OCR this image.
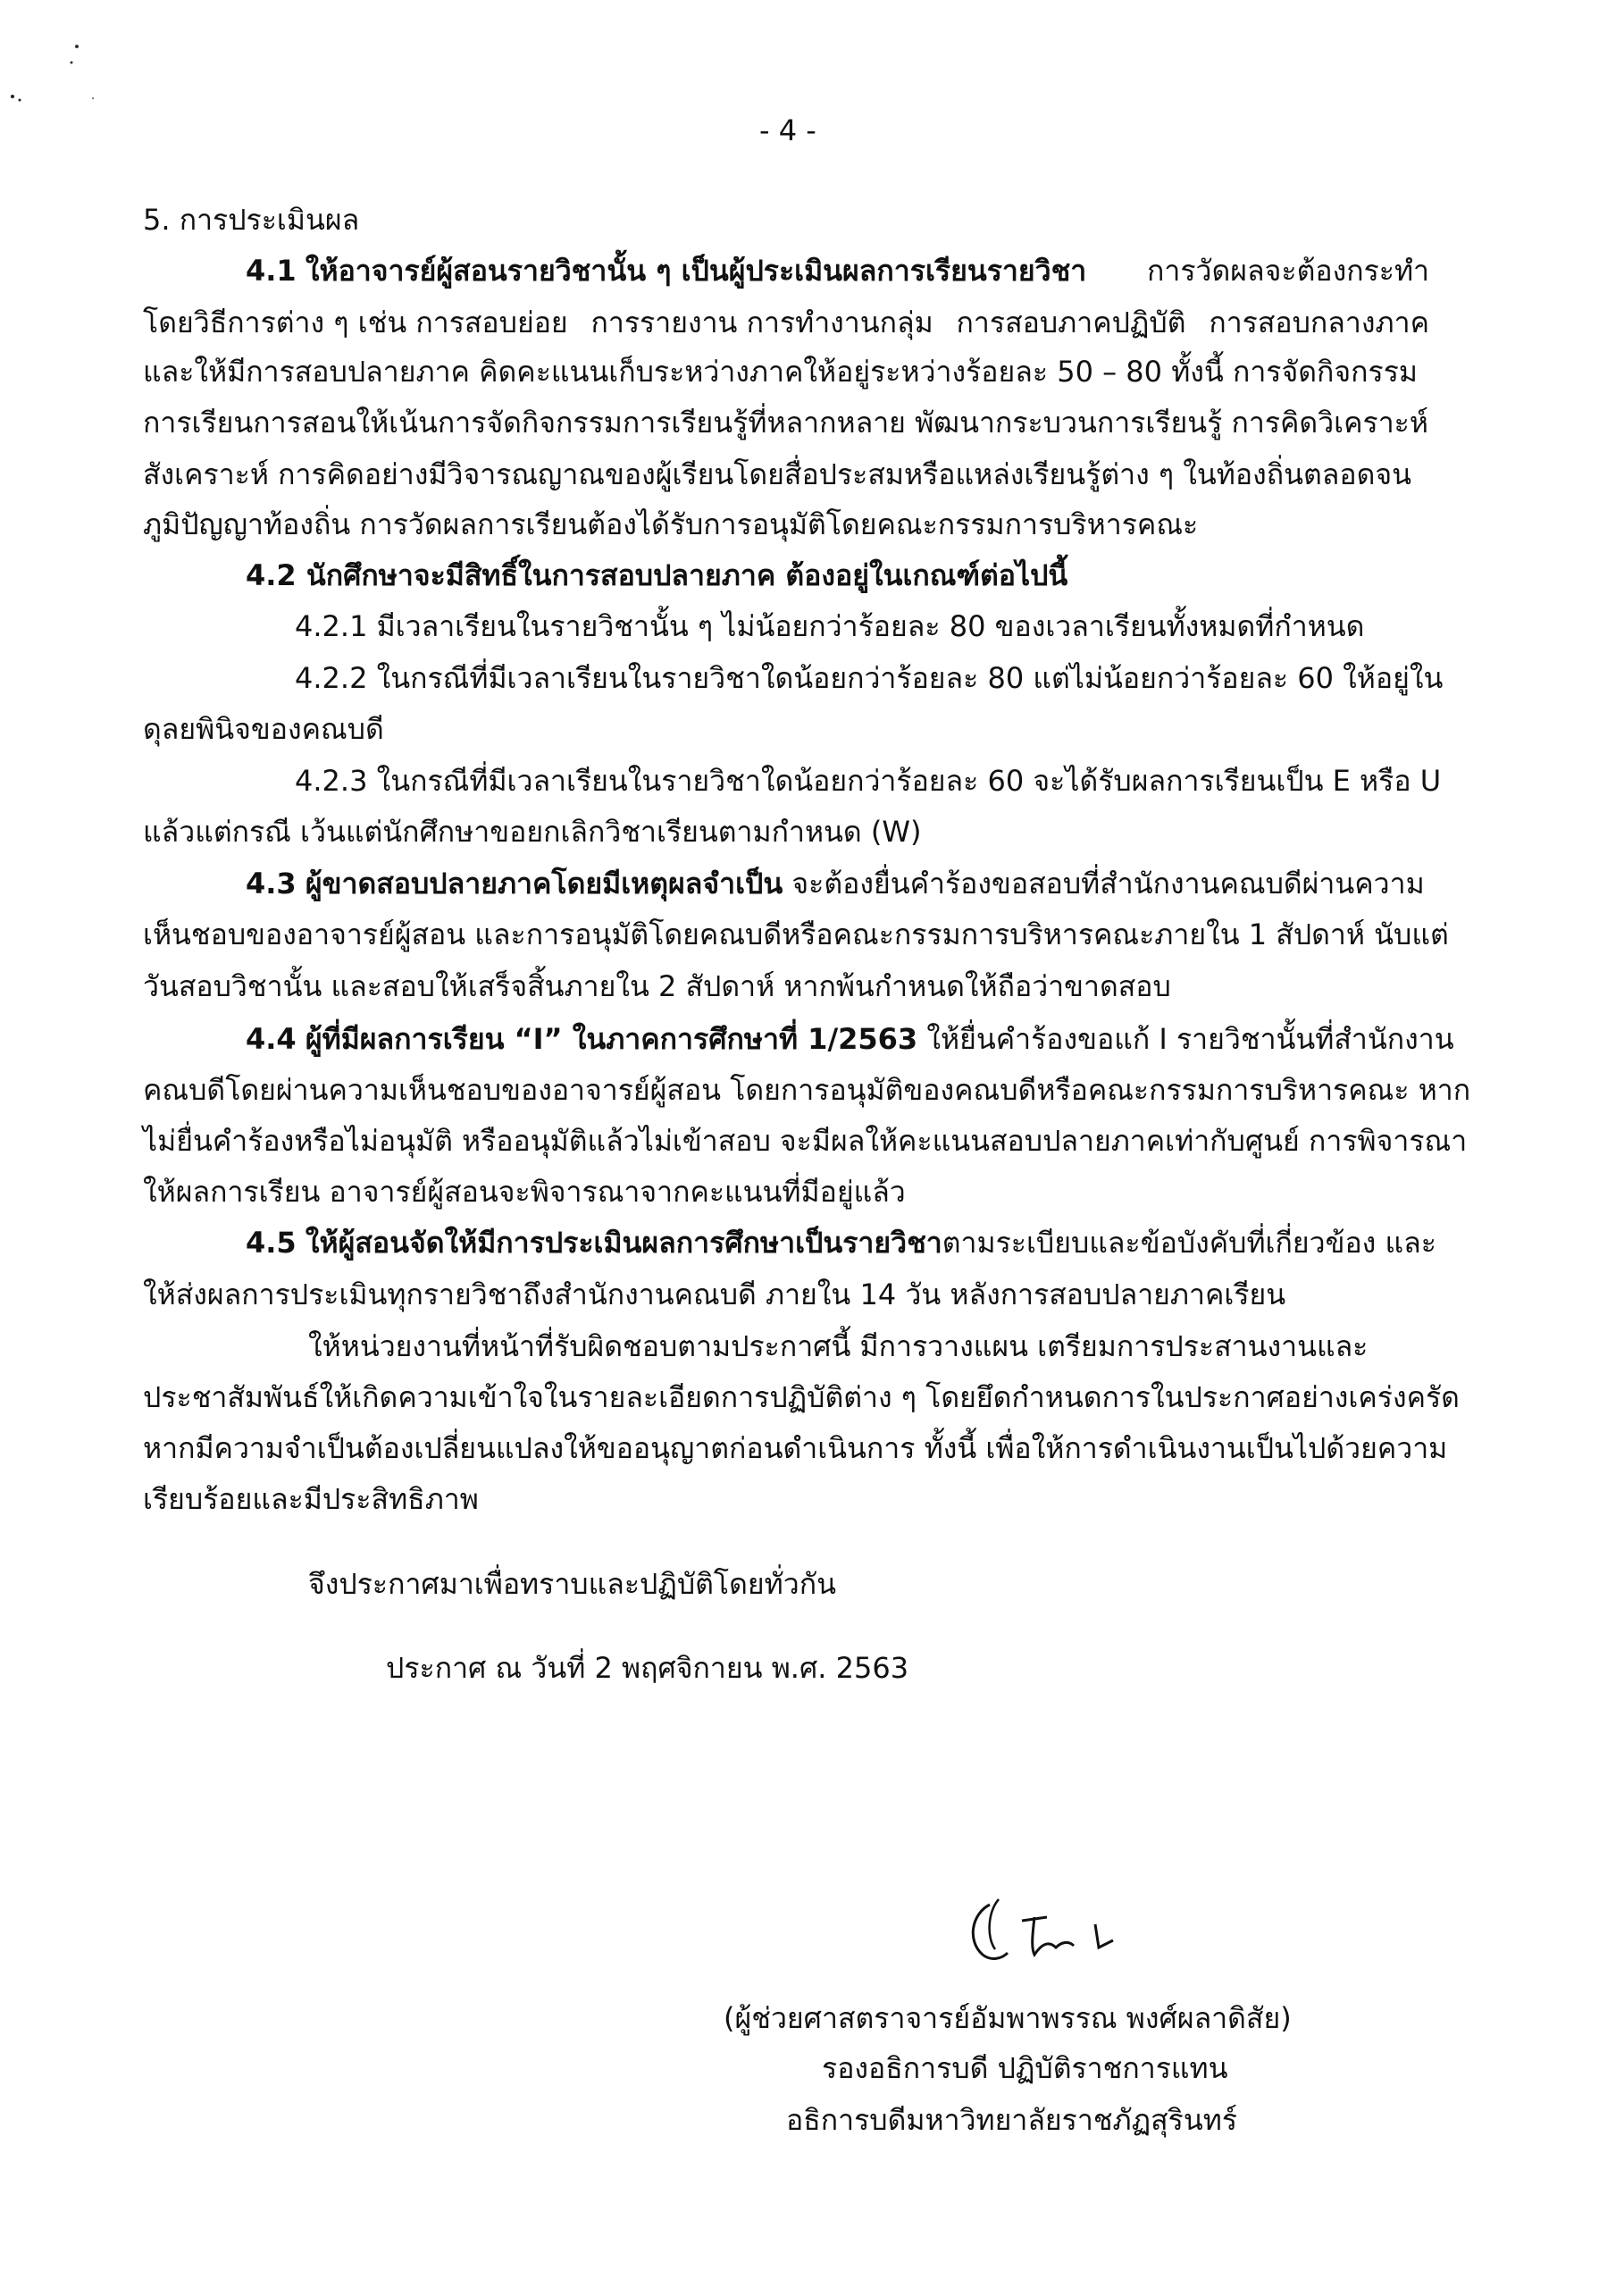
- 4 -
5. การประเมินผล
4.1 ให้อาจารย์ผู้สอนรายวิชานั้น ๆ เป็นผู้ประเมินผลการเรียนรายวิชา การวัดผลจะต้องกระทำ
โดยวิธีการต่าง ๆ เช่น การสอบย่อย การรายงาน การทำงานกลุ่ม การสอบภาคปฏิบัติ การสอบกลางภาค
และให้มีการสอบปลายภาค คิดคะแนนเก็บระหว่างภาคให้อยู่ระหว่างร้อยละ 50 – 80 ทั้งนี้ การจัดกิจกรรม
การเรียนการสอนให้เน้นการจัดกิจกรรมการเรียนรู้ที่หลากหลาย พัฒนากระบวนการเรียนรู้ การคิดวิเคราะห์
สังเคราะห์ การคิดอย่างมีวิจารณญาณของผู้เรียนโดยสื่อประสมหรือแหล่งเรียนรู้ต่าง ๆ ในท้องถิ่นตลอดจน
ภูมิปัญญาท้องถิ่น การวัดผลการเรียนต้องได้รับการอนุมัติโดยคณะกรรมการบริหารคณะ
4.2 นักศึกษาจะมีสิทธิ์ในการสอบปลายภาค ต้องอยู่ในเกณฑ์ต่อไปนี้
4.2.1 มีเวลาเรียนในรายวิชานั้น ๆ ไม่น้อยกว่าร้อยละ 80 ของเวลาเรียนทั้งหมดที่กำหนด
4.2.2 ในกรณีที่มีเวลาเรียนในรายวิชาใดน้อยกว่าร้อยละ 80 แต่ไม่น้อยกว่าร้อยละ 60 ให้อยู่ใน
ดุลยพินิจของคณบดี
4.2.3 ในกรณีที่มีเวลาเรียนในรายวิชาใดน้อยกว่าร้อยละ 60 จะได้รับผลการเรียนเป็น E หรือ U
แล้วแต่กรณี เว้นแต่นักศึกษาขอยกเลิกวิชาเรียนตามกำหนด (W)
4.3 ผู้ขาดสอบปลายภาคโดยมีเหตุผลจำเป็น จะต้องยื่นคำร้องขอสอบที่สำนักงานคณบดีผ่านความ
เห็นชอบของอาจารย์ผู้สอน และการอนุมัติโดยคณบดีหรือคณะกรรมการบริหารคณะภายใน 1 สัปดาห์ นับแต่
วันสอบวิชานั้น และสอบให้เสร็จสิ้นภายใน 2 สัปดาห์ หากพ้นกำหนดให้ถือว่าขาดสอบ
4.4 ผู้ที่มีผลการเรียน “I” ในภาคการศึกษาที่ 1/2563 ให้ยื่นคำร้องขอแก้ I รายวิชานั้นที่สำนักงาน
คณบดีโดยผ่านความเห็นชอบของอาจารย์ผู้สอน โดยการอนุมัติของคณบดีหรือคณะกรรมการบริหารคณะ หาก
ไม่ยื่นคำร้องหรือไม่อนุมัติ หรืออนุมัติแล้วไม่เข้าสอบ จะมีผลให้คะแนนสอบปลายภาคเท่ากับศูนย์ การพิจารณา
ให้ผลการเรียน อาจารย์ผู้สอนจะพิจารณาจากคะแนนที่มีอยู่แล้ว
4.5 ให้ผู้สอนจัดให้มีการประเมินผลการศึกษาเป็นรายวิชาตามระเบียบและข้อบังคับที่เกี่ยวข้อง และ
ให้ส่งผลการประเมินทุกรายวิชาถึงสำนักงานคณบดี ภายใน 14 วัน หลังการสอบปลายภาคเรียน
ให้หน่วยงานที่หน้าที่รับผิดชอบตามประกาศนี้ มีการวางแผน เตรียมการประสานงานและ
ประชาสัมพันธ์ให้เกิดความเข้าใจในรายละเอียดการปฏิบัติต่าง ๆ โดยยึดกำหนดการในประกาศอย่างเคร่งครัด
หากมีความจำเป็นต้องเปลี่ยนแปลงให้ขออนุญาตก่อนดำเนินการ ทั้งนี้ เพื่อให้การดำเนินงานเป็นไปด้วยความ
เรียบร้อยและมีประสิทธิภาพ
จึงประกาศมาเพื่อทราบและปฏิบัติโดยทั่วกัน
ประกาศ ณ วันที่ 2 พฤศจิกายน พ.ศ. 2563
(ผู้ช่วยศาสตราจารย์อัมพาพรรณ พงศ์ผลาดิสัย)
รองอธิการบดี ปฏิบัติราชการแทน
อธิการบดีมหาวิทยาลัยราชภัฏสุรินทร์
